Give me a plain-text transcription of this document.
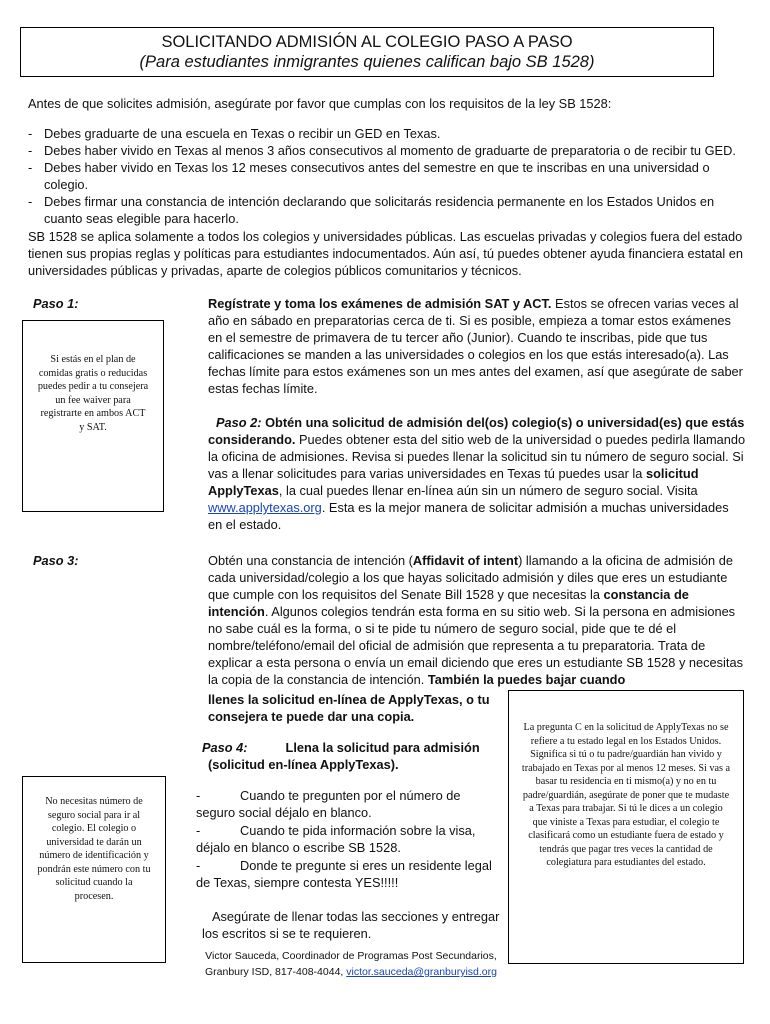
SOLICITANDO ADMISIÓN AL COLEGIO PASO A PASO
(Para estudiantes inmigrantes quienes califican bajo SB 1528)
Antes de que solicites admisión, asegúrate por favor que cumplas con los requisitos de la ley SB 1528:
- Debes graduarte de una escuela en Texas o recibir un GED en Texas.
- Debes haber vivido en Texas al menos 3 años consecutivos al momento de graduarte de preparatoria o de recibir tu GED.
- Debes haber vivido en Texas los 12 meses consecutivos antes del semestre en que te inscribas en una universidad o colegio.
- Debes firmar una constancia de intención declarando que solicitarás residencia permanente en los Estados Unidos en cuanto seas elegible para hacerlo.
SB 1528 se aplica solamente a todos los colegios y universidades públicas. Las escuelas privadas y colegios fuera del estado tienen sus propias reglas y políticas para estudiantes indocumentados. Aún así, tú puedes obtener ayuda financiera estatal en universidades públicas y privadas, aparte de colegios públicos comunitarios y técnicos.
Paso 1:	Regístrate y toma los exámenes de admisión SAT y ACT. Estos se ofrecen varias veces al año en sábado en preparatorias cerca de ti. Si es posible, empieza a tomar estos exámenes en el semestre de primavera de tu tercer año (Junior). Cuando te inscribas, pide que tus calificaciones se manden a las universidades o colegios en los que estás interesado(a). Las fechas límite para estos exámenes son un mes antes del examen, así que asegúrate de saber estas fechas límite.
Si estás en el plan de comidas gratis o reducidas puedes pedir a tu consejera un fee waiver para registrarte en ambos ACT y SAT.	Paso 2: Obtén una solicitud de admisión del(os) colegio(s) o universidad(es) que estás considerando. Puedes obtener esta del sitio web de la universidad o puedes pedirla llamando la oficina de admisiones. Revisa si puedes llenar la solicitud sin tu número de seguro social. Si vas a llenar solicitudes para varias universidades en Texas tú puedes usar la solicitud ApplyTexas, la cual puedes llenar en-línea aún sin un número de seguro social. Visita www.applytexas.org. Esta es la mejor manera de solicitar admisión a muchas universidades en el estado.
Paso 3:	Obtén una constancia de intención (Affidavit of intent) llamando a la oficina de admisión de cada universidad/colegio a los que hayas solicitado admisión y diles que eres un estudiante que cumple con los requisitos del Senate Bill 1528 y que necesitas la constancia de intención. Algunos colegios tendrán esta forma en su sitio web. Si la persona en admisiones no sabe cuál es la forma, o si te pide tu número de seguro social, pide que te dé el nombre/teléfono/email del oficial de admisión que representa a tu preparatoria. Trata de explicar a esta persona o envía un email diciendo que eres un estudiante SB 1528 y necesitas la copia de la constancia de intención. También la puedes bajar cuando
llenes la solicitud en-línea de ApplyTexas, o tu
consejera te puede dar una copia.
La pregunta C en la solicitud de ApplyTexas no se refiere a tu estado legal en los Estados Unidos. Significa si tú o tu padre/guardián han vivido y trabajado en Texas por al menos 12 meses. Si vas a basar tu residencia en ti mismo(a) y no en tu padre/guardián, asegúrate de poner que te mudaste a Texas para trabajar. Si tú le dices a un colegio que viniste a Texas para estudiar, el colegio te clasificará como un estudiante fuera de estado y tendrás que pagar tres veces la cantidad de colegiatura para estudiantes del estado.
Paso 4:	Llena la solicitud para admisión
(solicitud en-línea ApplyTexas).
-	Cuando te pregunten por el número de
seguro social déjalo en blanco.
-	Cuando te pida información sobre la visa,
déjalo en blanco o escribe SB 1528.
-	Donde te pregunte si eres un residente legal
de Texas, siempre contesta YES!!!!!
Asegúrate de llenar todas las secciones y entregar
los escritos si se te requieren.
No necesitas número de seguro social para ir al colegio. El colegio o universidad te darán un número de identificación y pondrán este número con tu solicitud cuando la procesen.
Victor Sauceda, Coordinador de Programas Post Secundarios,
Granbury ISD, 817-408-4044, victor.sauceda@granburyisd.org
